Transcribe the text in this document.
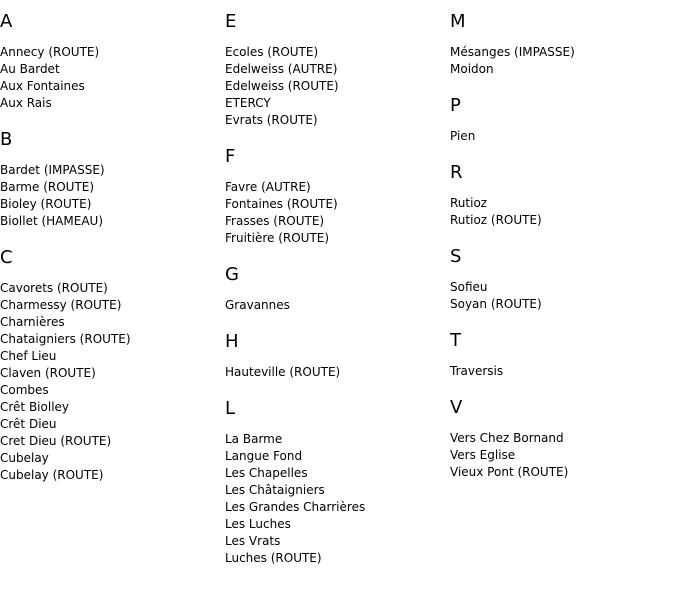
A
Annecy (ROUTE)
Au Bardet
Aux Fontaines
Aux Rais
B
Bardet (IMPASSE)
Barme (ROUTE)
Bioley (ROUTE)
Biollet (HAMEAU)
C
Cavorets (ROUTE)
Charmessy (ROUTE)
Charnières
Chataigniers (ROUTE)
Chef Lieu
Claven (ROUTE)
Combes
Crêt Biolley
Crêt Dieu
Cret Dieu (ROUTE)
Cubelay
Cubelay (ROUTE)
E
Ecoles (ROUTE)
Edelweiss (AUTRE)
Edelweiss (ROUTE)
ETERCY
Evrats (ROUTE)
F
Favre (AUTRE)
Fontaines (ROUTE)
Frasses (ROUTE)
Fruitière (ROUTE)
G
Gravannes
H
Hauteville (ROUTE)
L
La Barme
Langue Fond
Les Chapelles
Les Châtaigniers
Les Grandes Charrières
Les Luches
Les Vrats
Luches (ROUTE)
M
Mésanges (IMPASSE)
Moidon
P
Pien
R
Rutioz
Rutioz (ROUTE)
S
Sofieu
Soyan (ROUTE)
T
Traversis
V
Vers Chez Bornand
Vers Eglise
Vieux Pont (ROUTE)
